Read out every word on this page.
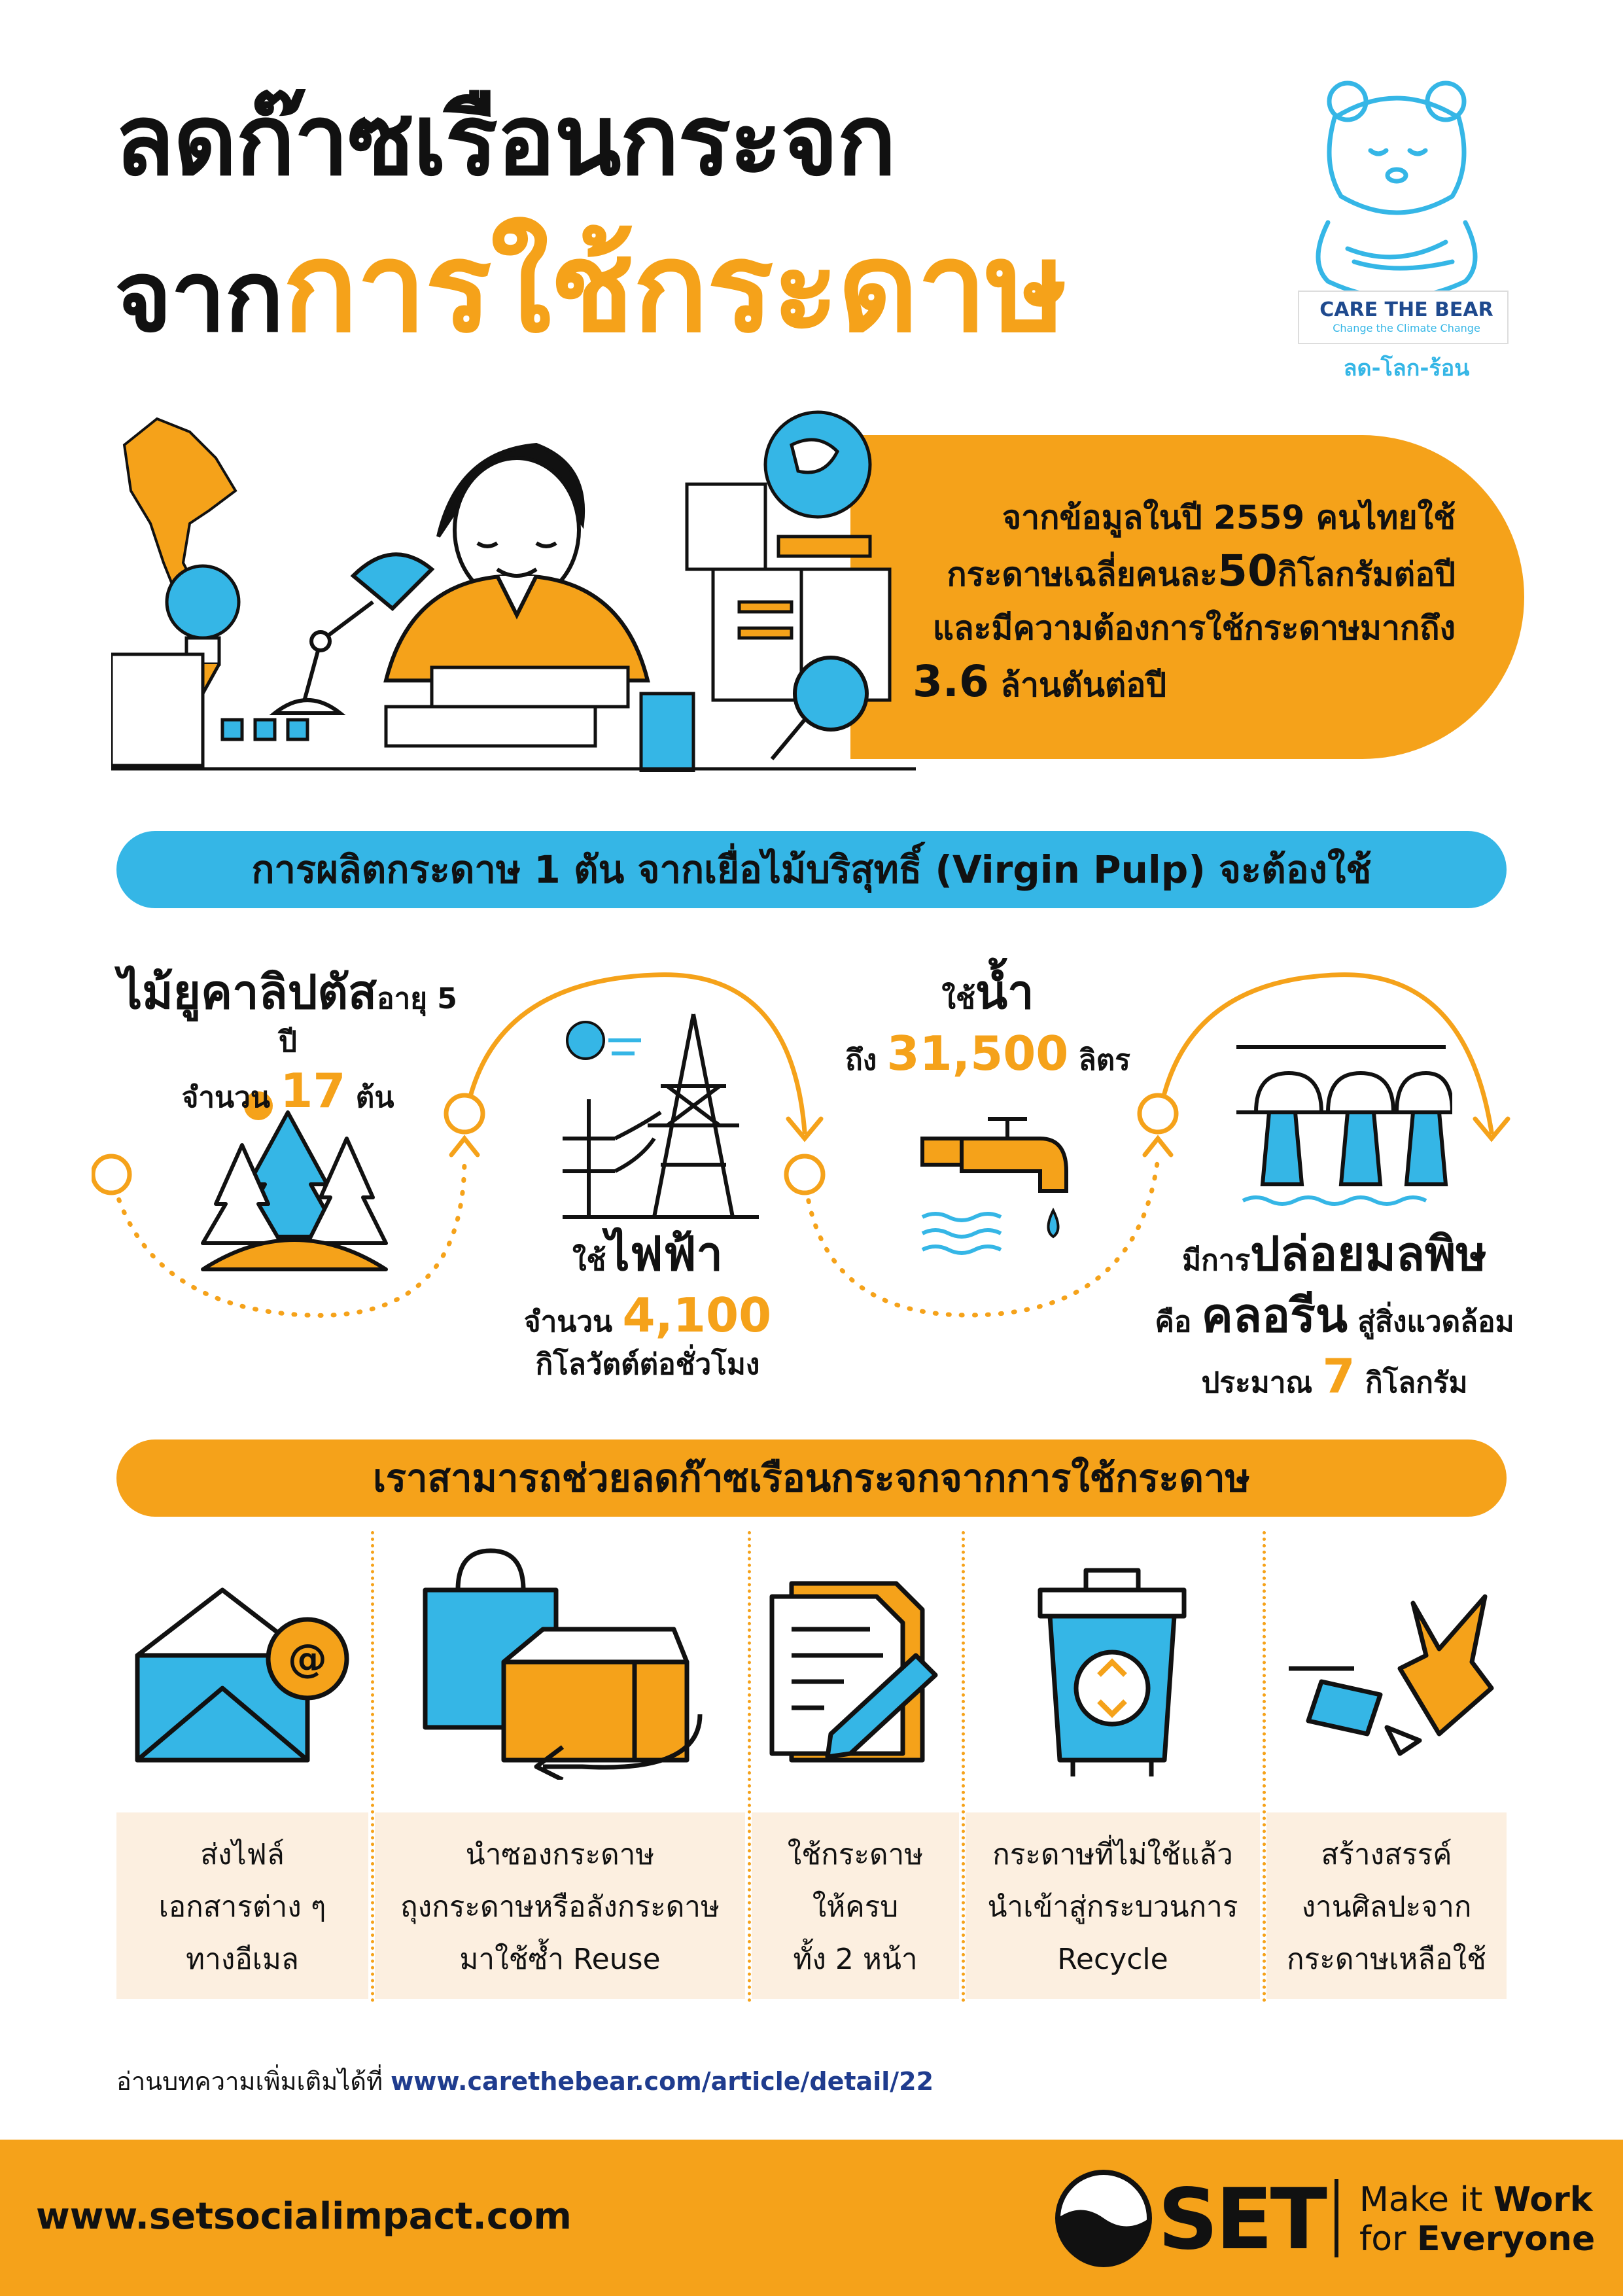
ลดก๊าซเรือนกระจก
จากการใช้กระดาษ	CARE THE BEAR
Change the Climate Change
ลด-โลก-ร้อน
จากข้อมูลในปี 2559 คนไทยใช้
กระดาษเฉลี่ยคนละ50กิโลกรัมต่อปี
และมีความต้องการใช้กระดาษมากถึง
3.6 ล้านตันต่อปี
การผลิตกระดาษ 1 ตัน จากเยื่อไม้บริสุทธิ์ (Virgin Pulp) จะต้องใช้
ไม้ยูคาลิปตัสอายุ 5 ปี
จำนวน 17 ต้น
ใช้ไฟฟ้า
จำนวน 4,100
กิโลวัตต์ต่อชั่วโมง
ใช้น้ำ
ถึง 31,500 ลิตร
มีการปล่อยมลพิษ
คือ คลอรีน สู่สิ่งแวดล้อม
ประมาณ 7 กิโลกรัม
เราสามารถช่วยลดก๊าซเรือนกระจกจากการใช้กระดาษ
@
ส่งไฟล์
เอกสารต่าง ๆ
ทางอีเมล
นำซองกระดาษ
ถุงกระดาษหรือลังกระดาษ
มาใช้ซ้ำ Reuse
ใช้กระดาษ
ให้ครบ
ทั้ง 2 หน้า
กระดาษที่ไม่ใช้แล้ว
นำเข้าสู่กระบวนการ
Recycle
สร้างสรรค์
งานศิลปะจาก
กระดาษเหลือใช้
อ่านบทความเพิ่มเติมได้ที่ www.carethebear.com/article/detail/22
www.setsocialimpact.com	SET Make it Work
for Everyone
